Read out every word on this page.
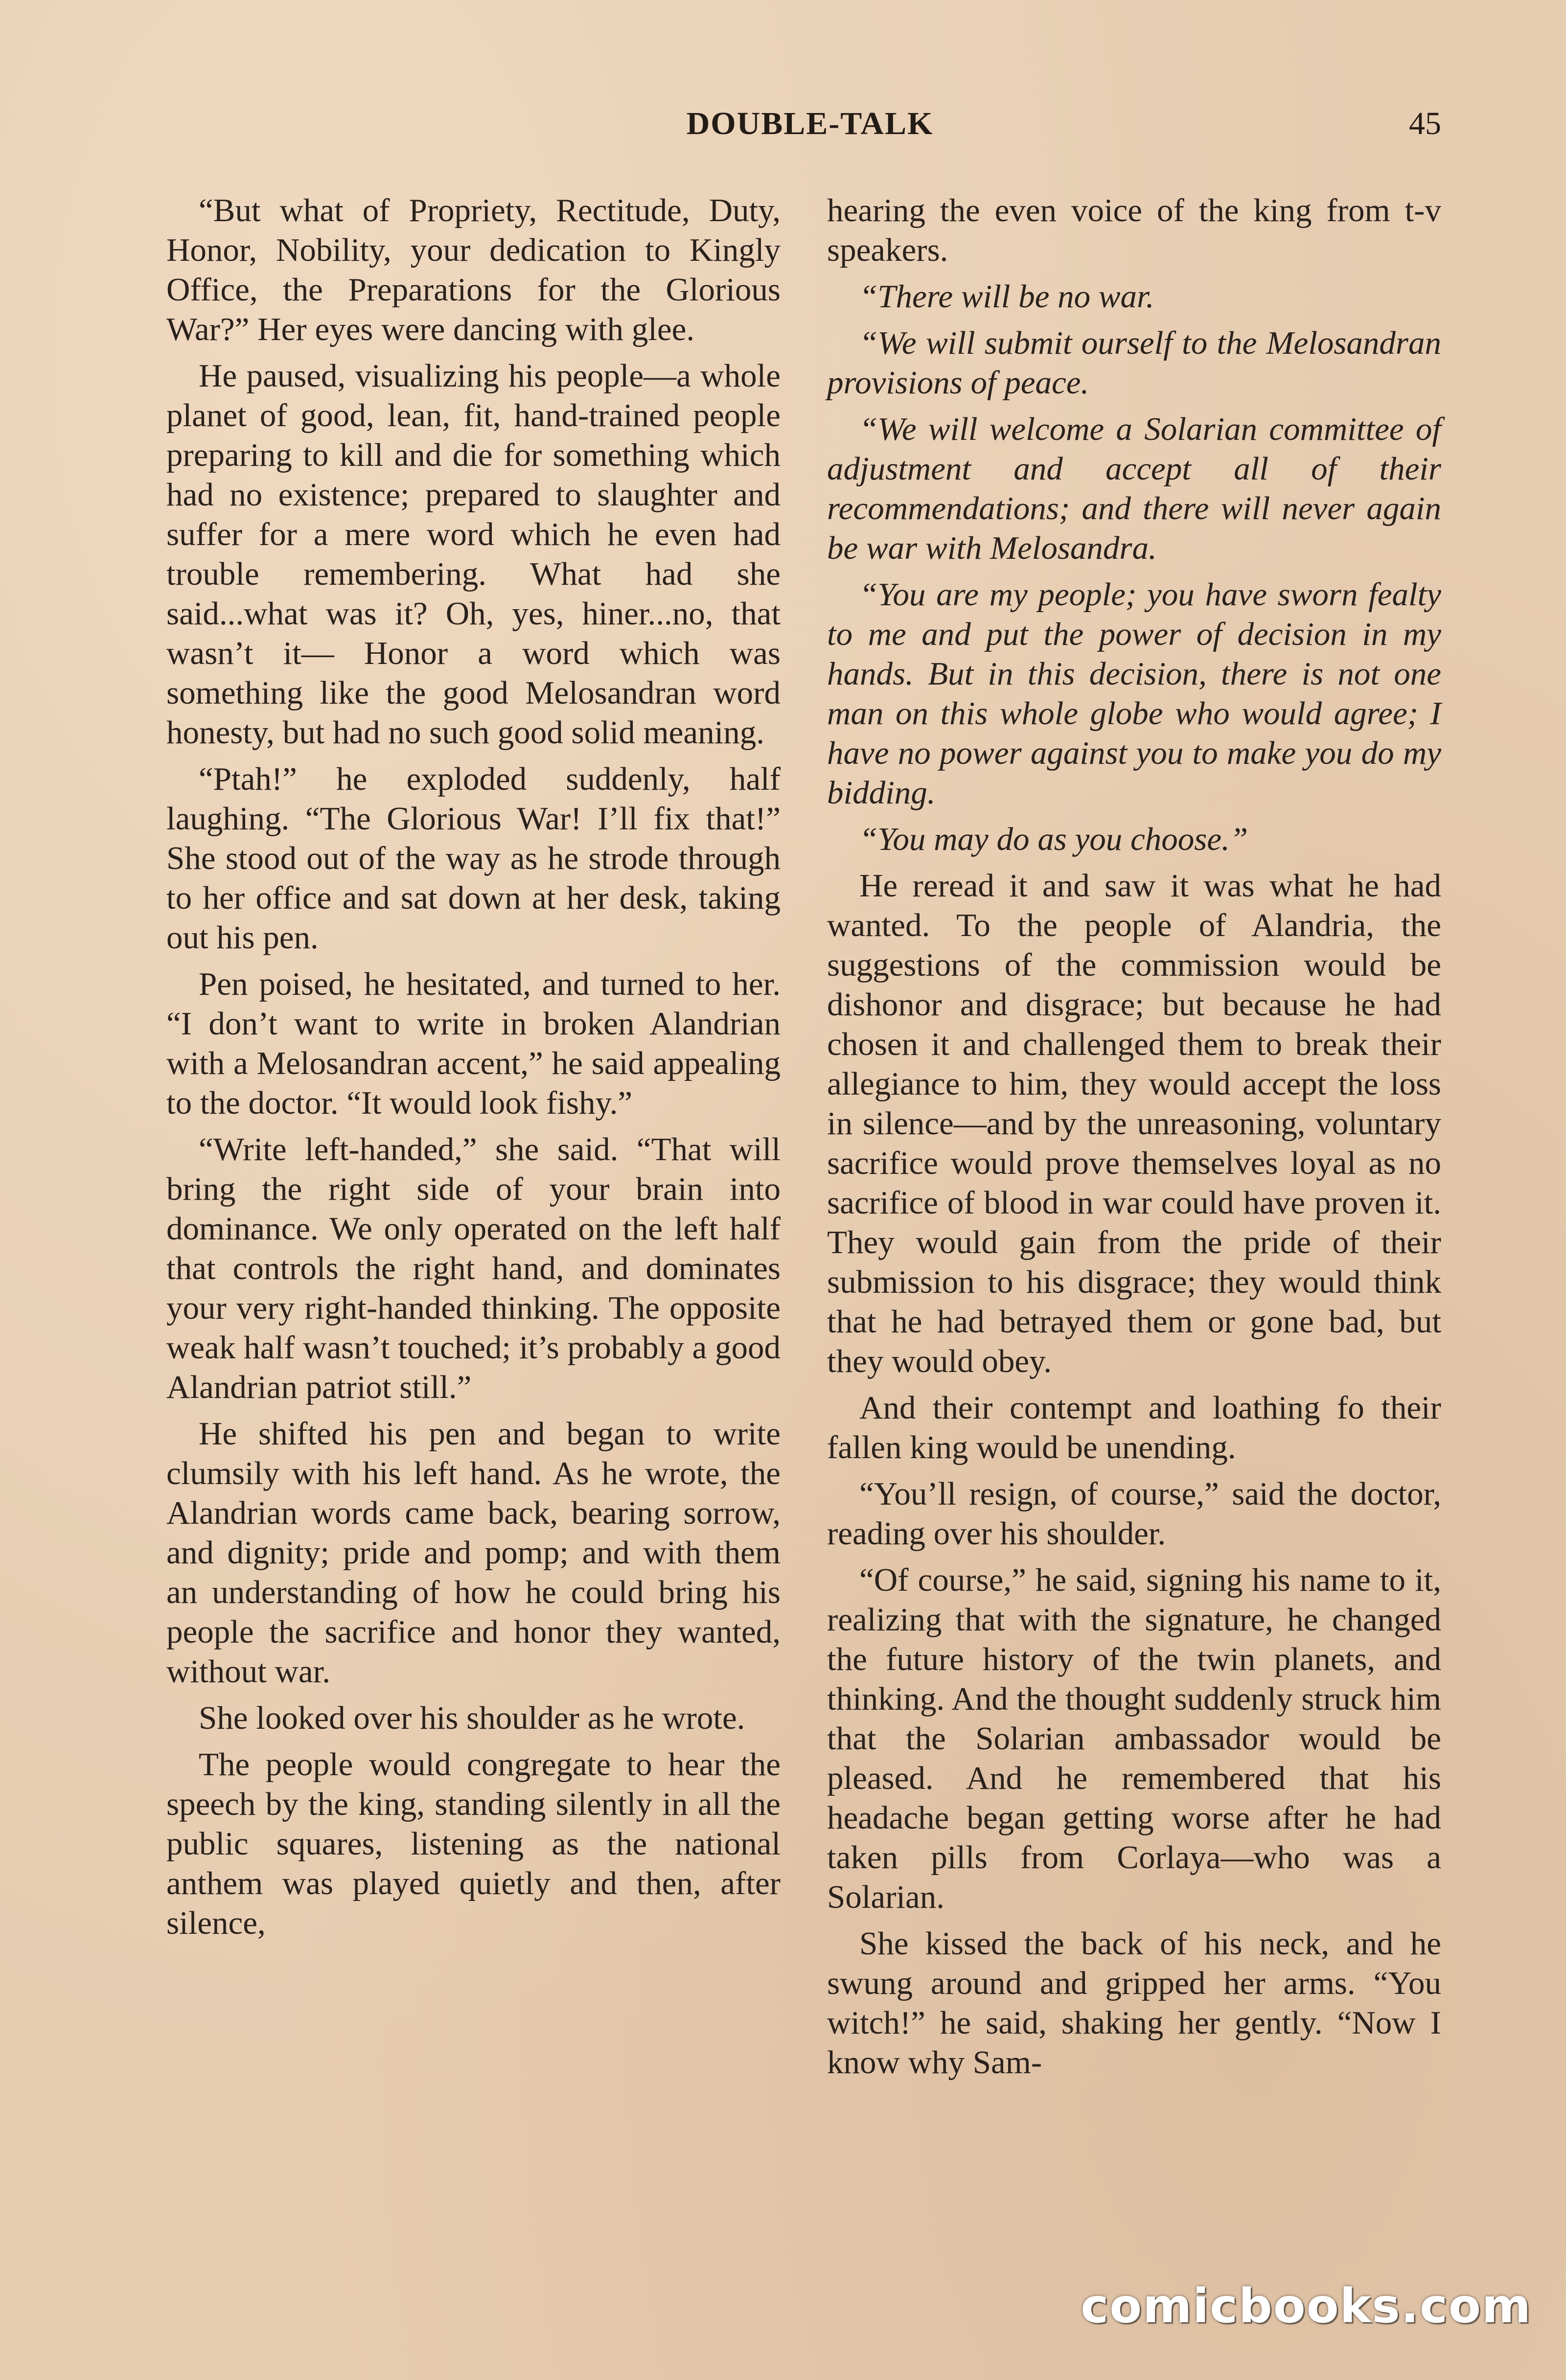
DOUBLE-TALK	45

“But what of Propriety, Rectitude, Duty, Honor, Nobility, your dedication to Kingly Office, the Preparations for the Glorious War?” Her eyes were dancing with glee.

He paused, visualizing his people—a whole planet of good, lean, fit, hand-trained people preparing to kill and die for something which had no existence; prepared to slaughter and suffer for a mere word which he even had trouble remembering. What had she said...what was it? Oh, yes, hiner...no, that wasn’t it— Honor a word which was something like the good Melosandran word honesty, but had no such good solid meaning.

“Ptah!” he exploded suddenly, half laughing. “The Glorious War! I’ll fix that!” She stood out of the way as he strode through to her office and sat down at her desk, taking out his pen.

Pen poised, he hesitated, and turned to her. “I don’t want to write in broken Alandrian with a Melosandran accent,” he said appealing to the doctor. “It would look fishy.”

“Write left-handed,” she said. “That will bring the right side of your brain into dominance. We only operated on the left half that controls the right hand, and dominates your very right-handed thinking. The opposite weak half wasn’t touched; it’s probably a good Alandrian patriot still.”

He shifted his pen and began to write clumsily with his left hand. As he wrote, the Alandrian words came back, bearing sorrow, and dignity; pride and pomp; and with them an understanding of how he could bring his people the sacrifice and honor they wanted, without war.

She looked over his shoulder as he wrote.

The people would congregate to hear the speech by the king, standing silently in all the public squares, listening as the national anthem was played quietly and then, after silence,

hearing the even voice of the king from t-v speakers.

“There will be no war.

“We will submit ourself to the Melosandran provisions of peace.

“We will welcome a Solarian committee of adjustment and accept all of their recommendations; and there will never again be war with Melosandra.

“You are my people; you have sworn fealty to me and put the power of decision in my hands. But in this decision, there is not one man on this whole globe who would agree; I have no power against you to make you do my bidding.

“You may do as you choose.”

He reread it and saw it was what he had wanted. To the people of Alandria, the suggestions of the commission would be dishonor and disgrace; but because he had chosen it and challenged them to break their allegiance to him, they would accept the loss in silence—and by the unreasoning, voluntary sacrifice would prove themselves loyal as no sacrifice of blood in war could have proven it. They would gain from the pride of their submission to his disgrace; they would think that he had betrayed them or gone bad, but they would obey.

And their contempt and loathing fo their fallen king would be unending.

“You’ll resign, of course,” said the doctor, reading over his shoulder.

“Of course,” he said, signing his name to it, realizing that with the signature, he changed the future history of the twin planets, and thinking. And the thought suddenly struck him that the Solarian ambassador would be pleased. And he remembered that his headache began getting worse after he had taken pills from Corlaya—who was a Solarian.

She kissed the back of his neck, and he swung around and gripped her arms. “You witch!” he said, shaking her gently. “Now I know why Sam-

comicbooks.com
